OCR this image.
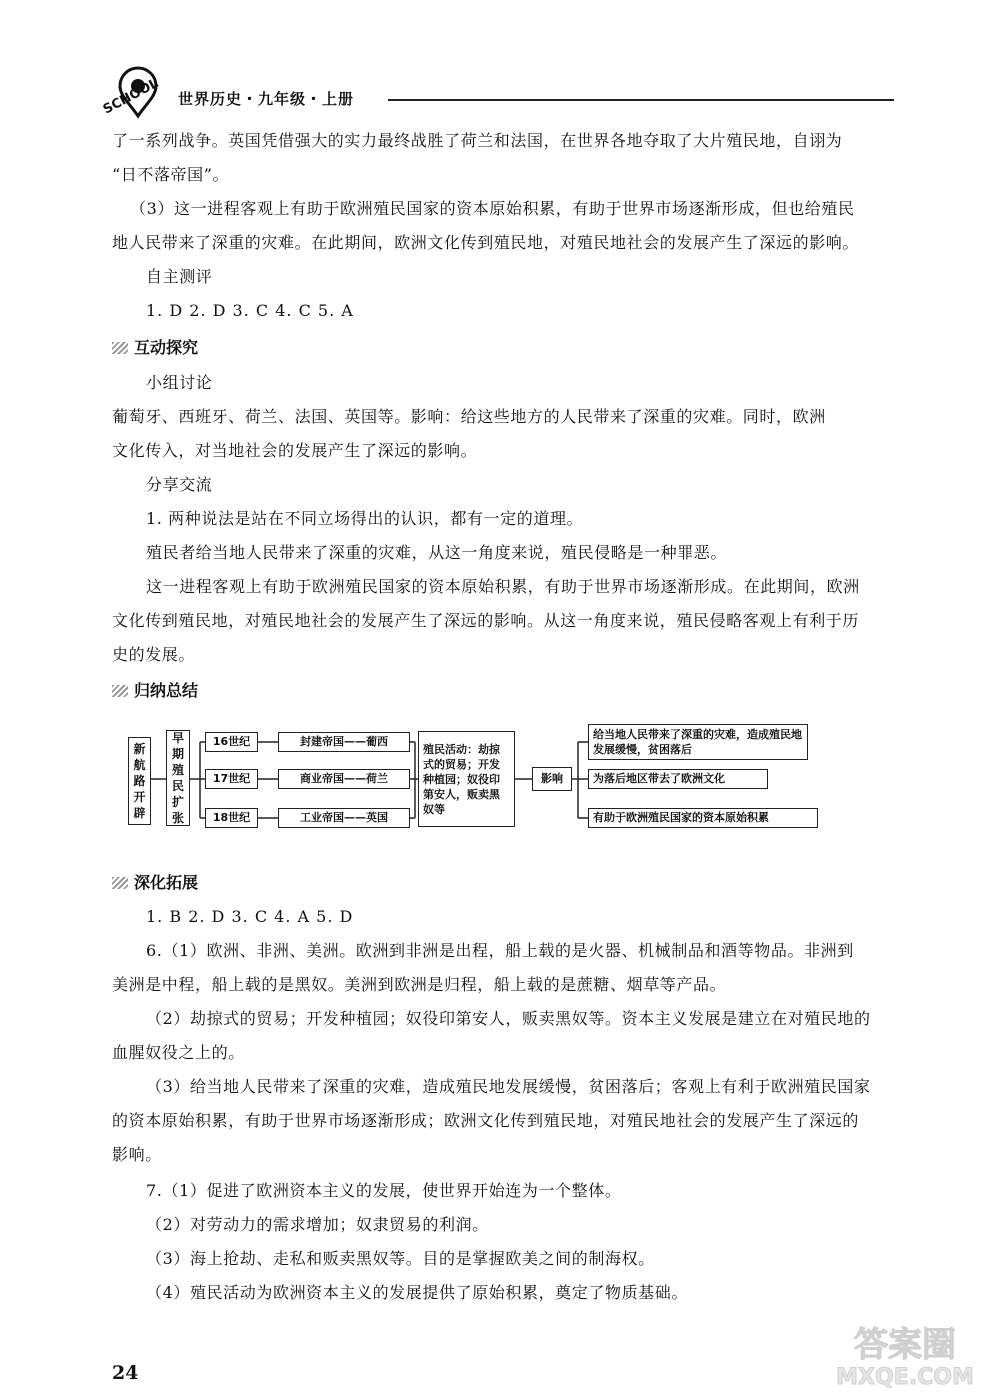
SCHOOL 世界历史・九年级・上册
了一系列战争。英国凭借强大的实力最终战胜了荷兰和法国，在世界各地夺取了大片殖民地，自诩为
“日不落帝国”。
（3）这一进程客观上有助于欧洲殖民国家的资本原始积累，有助于世界市场逐渐形成，但也给殖民
地人民带来了深重的灾难。在此期间，欧洲文化传到殖民地，对殖民地社会的发展产生了深远的影响。
自主测评
1. D 2. D 3. C 4. C 5. A
互动探究
小组讨论
葡萄牙、西班牙、荷兰、法国、英国等。影响：给这些地方的人民带来了深重的灾难。同时，欧洲
文化传入，对当地社会的发展产生了深远的影响。
分享交流
1. 两种说法是站在不同立场得出的认识，都有一定的道理。
殖民者给当地人民带来了深重的灾难，从这一角度来说，殖民侵略是一种罪恶。
这一进程客观上有助于欧洲殖民国家的资本原始积累，有助于世界市场逐渐形成。在此期间，欧洲
文化传到殖民地，对殖民地社会的发展产生了深远的影响。从这一角度来说，殖民侵略客观上有利于历
史的发展。
归纳总结
新航路开辟
早期殖民扩张
16世纪
17世纪
18世纪
封建帝国——葡西
商业帝国——荷兰
工业帝国——英国
殖民活动：劫掠式的贸易；开发种植园；奴役印第安人，贩卖黑奴等
影响
给当地人民带来了深重的灾难，造成殖民地发展缓慢，贫困落后
为落后地区带去了欧洲文化
有助于欧洲殖民国家的资本原始积累
深化拓展
1. B 2. D 3. C 4. A 5. D
6.（1）欧洲、非洲、美洲。欧洲到非洲是出程，船上载的是火器、机械制品和酒等物品。非洲到
美洲是中程，船上载的是黑奴。美洲到欧洲是归程，船上载的是蔗糖、烟草等产品。
（2）劫掠式的贸易；开发种植园；奴役印第安人，贩卖黑奴等。资本主义发展是建立在对殖民地的
血腥奴役之上的。
（3）给当地人民带来了深重的灾难，造成殖民地发展缓慢，贫困落后；客观上有利于欧洲殖民国家
的资本原始积累，有助于世界市场逐渐形成；欧洲文化传到殖民地，对殖民地社会的发展产生了深远的
影响。
7.（1）促进了欧洲资本主义的发展，使世界开始连为一个整体。
（2）对劳动力的需求增加；奴隶贸易的利润。
（3）海上抢劫、走私和贩卖黑奴等。目的是掌握欧美之间的制海权。
（4）殖民活动为欧洲资本主义的发展提供了原始积累，奠定了物质基础。
24
答案圈
MXQE.COM
